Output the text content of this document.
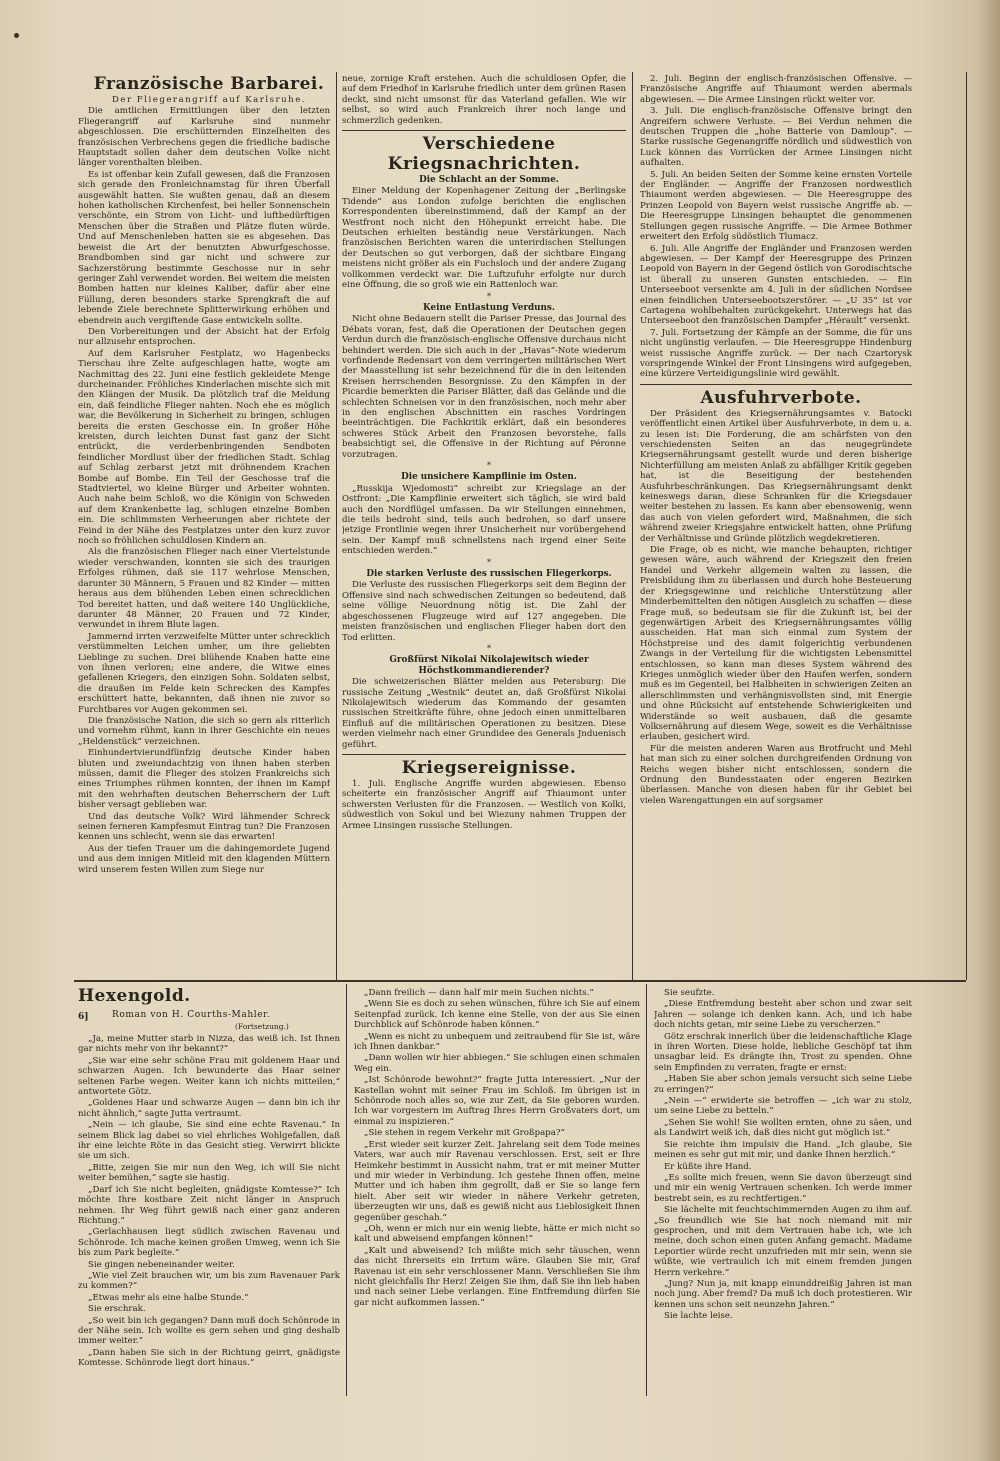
Französische Barbarei.

Der Fliegerangriff auf Karlsruhe.

Die amtlichen Ermittlungen über den letzten Fliegerangriff auf Karlsruhe sind nunmehr abgeschlossen. Die erschütternden Einzelheiten des französischen Verbrechens gegen die friedliche badische Hauptstadt sollen daher dem deutschen Volke nicht länger vorenthalten bleiben.

Es ist offenbar kein Zufall gewesen, daß die Franzosen sich gerade den Fronleichnamstag für ihren Überfall ausgewählt hatten. Sie wußten genau, daß an diesem hohen katholischen Kirchenfest, bei heller Sonnenschein verschönte, ein Strom von Licht- und luftbedürftigen Menschen über die Straßen und Plätze fluten würde. Und auf Menschenleben hatten sie es abgesehen. Das beweist die Art der benutzten Abwurfgeschosse. Brandbomben sind gar nicht und schwere zur Sachzerstörung bestimmte Geschosse nur in sehr geringer Zahl verwendet worden. Bei weitem die meisten Bomben hatten nur kleines Kaliber, dafür aber eine Füllung, deren besonders starke Sprengkraft die auf lebende Ziele berechnete Splitterwirkung erhöhen und ebendrein auch vergiftende Gase entwickeln sollte.

Den Vorbereitungen und der Absicht hat der Erfolg nur allzusehr entsprochen.

Auf dem Karlsruher Festplatz, wo Hagenbecks Tierschau ihre Zelte aufgeschlagen hatte, wogte am Nachmittag des 22. Juni eine festlich gekleidete Menge durcheinander. Fröhliches Kinderlachen mischte sich mit den Klängen der Musik. Da plötzlich traf die Meldung ein, daß feindliche Flieger nahten. Noch ehe es möglich war, die Bevölkerung in Sicherheit zu bringen, schlugen bereits die ersten Geschosse ein. In großer Höhe kreisten, durch leichten Dunst fast ganz der Sicht entrückt, die verderbenbringenden Sendboten feindlicher Mordlust über der friedlichen Stadt. Schlag auf Schlag zerbarst jetzt mit dröhnendem Krachen Bombe auf Bombe. Ein Teil der Geschosse traf die Stadtviertel, wo kleine Bürger und Arbeiter wohnten. Auch nahe beim Schloß, wo die Königin von Schweden auf dem Krankenbette lag, schlugen einzelne Bomben ein. Die schlimmsten Verheerungen aber richtete der Feind in der Nähe des Festplatzes unter den kurz zuvor noch so fröhlichen schuldlosen Kindern an.

Als die französischen Flieger nach einer Viertelstunde wieder verschwanden, konnten sie sich des traurigen Erfolges rühmen, daß sie 117 wehrlose Menschen, darunter 30 Männern, 5 Frauen und 82 Kinder — mitten heraus aus dem blühenden Leben einen schrecklichen Tod bereitet hatten, und daß weitere 140 Unglückliche, darunter 48 Männer, 20 Frauen und 72 Kinder, verwundet in ihrem Blute lagen.

Jammernd irrten verzweifelte Mütter unter schrecklich verstümmelten Leichen umher, um ihre geliebten Lieblinge zu suchen. Drei blühende Knaben hatte eine von ihnen verloren; eine andere, die Witwe eines gefallenen Kriegers, den einzigen Sohn. Soldaten selbst, die draußen im Felde kein Schrecken des Kampfes erschüttert hatte, bekannten, daß ihnen nie zuvor so Furchtbares vor Augen gekommen sei.

Die französische Nation, die sich so gern als ritterlich und vornehm rühmt, kann in ihrer Geschichte ein neues „Heldenstück“ verzeichnen.

Einhundertvierundfünfzig deutsche Kinder haben bluten und zweiundachtzig von ihnen haben sterben müssen, damit die Flieger des stolzen Frankreichs sich eines Triumphes rühmen konnten, der ihnen im Kampf mit den wehrhaften deutschen Beherrschern der Luft bisher versagt geblieben war.

Und das deutsche Volk? Wird lähmender Schreck seinen ferneren Kampfesmut Eintrag tun? Die Franzosen kennen uns schlecht, wenn sie das erwarten!

Aus der tiefen Trauer um die dahingemordete Jugend und aus dem innigen Mitleid mit den klagenden Müttern wird unserem festen Willen zum Siege nur

neue, zornige Kraft erstehen. Auch die schuldlosen Opfer, die auf dem Friedhof in Karlsruhe friedlich unter dem grünen Rasen deckt, sind nicht umsonst für das Vaterland gefallen. Wie wir selbst, so wird auch Frankreich ihrer noch lange und schmerzlich gedenken.

Verschiedene Kriegsnachrichten.

Die Schlacht an der Somme.

Einer Meldung der Kopenhagener Zeitung der „Berlingske Tidende“ aus London zufolge berichten die englischen Korrespondenten übereinstimmend, daß der Kampf an der Westfront noch nicht den Höhepunkt erreicht habe. Die Deutschen erhielten beständig neue Verstärkungen. Nach französischen Berichten waren die unterirdischen Stellungen der Deutschen so gut verborgen, daß der sichtbare Eingang meistens nicht größer als ein Fuchsloch und der andere Zugang vollkommen verdeckt war. Die Luftzufuhr erfolgte nur durch eine Öffnung, die so groß wie ein Rattenloch war.

*

Keine Entlastung Verduns.

Nicht ohne Bedauern stellt die Pariser Presse, das Journal des Débats voran, fest, daß die Operationen der Deutschen gegen Verdun durch die französisch-englische Offensive durchaus nicht behindert werden. Die sich auch in der „Havas“-Note wiederum vorfindende Redensart von dem verringerten militärischen Wert der Maasstellung ist sehr bezeichnend für die in den leitenden Kreisen herrschenden Besorgnisse. Zu den Kämpfen in der Picardie bemerkten die Pariser Blätter, daß das Gelände und die schlechten Schneisen vor in den französischen, noch mehr aber in den englischen Abschnitten ein rasches Vordringen beeinträchtigen. Die Fachkritik erklärt, daß ein besonderes schweres Stück Arbeit den Franzosen bevorstehe, falls beabsichtigt sei, die Offensive in der Richtung auf Péronne vorzutragen.

*

Die unsichere Kampflinie im Osten.

„Russkija Wjedomosti“ schreibt zur Kriegslage an der Ostfront: „Die Kampflinie erweitert sich täglich, sie wird bald auch den Nordflügel umfassen. Da wir Stellungen einnehmen, die teils bedroht sind, teils auch bedrohen, so darf unsere jetzige Frontlinie wegen ihrer Unsicherheit nur vorübergehend sein. Der Kampf muß schnellstens nach irgend einer Seite entschieden werden.“

*

Die starken Verluste des russischen Fliegerkorps.

Die Verluste des russischen Fliegerkorps seit dem Beginn der Offensive sind nach schwedischen Zeitungen so bedeutend, daß seine völlige Neuordnung nötig ist. Die Zahl der abgeschossenen Flugzeuge wird auf 127 angegeben. Die meisten französischen und englischen Flieger haben dort den Tod erlitten.

*

Großfürst Nikolai Nikolajewitsch wieder Höchstkommandierender?

Die schweizerischen Blätter melden aus Petersburg: Die russische Zeitung „Westnik“ deutet an, daß Großfürst Nikolai Nikolajewitsch wiederum das Kommando der gesamten russischen Streitkräfte führe, ohne jedoch einen unmittelbaren Einfluß auf die militärischen Operationen zu besitzen. Diese werden vielmehr nach einer Grundidee des Generals Jnduenisch geführt.

Kriegsereignisse.

1. Juli. Englische Angriffe wurden abgewiesen. Ebenso scheiterte ein französischer Angriff auf Thiaumont unter schwersten Verlusten für die Franzosen. — Westlich von Kolki, südwestlich von Sokul und bei Wiezuny nahmen Truppen der Armee Linsingen russische Stellungen.

2. Juli. Beginn der englisch-französischen Offensive. — Französische Angriffe auf Thiaumont werden abermals abgewiesen. — Die Armee Linsingen rückt weiter vor.

3. Juli. Die englisch-französische Offensive bringt den Angreifern schwere Verluste. — Bei Verdun nehmen die deutschen Truppen die „hohe Batterie von Damloup“. — Starke russische Gegenangriffe nördlich und südwestlich von Luck können das Vorrücken der Armee Linsingen nicht aufhalten.

5. Juli. An beiden Seiten der Somme keine ernsten Vorteile der Engländer. — Angriffe der Franzosen nordwestlich Thiaumont werden abgewiesen. — Die Heeresgruppe des Prinzen Leopold von Bayern weist russische Angriffe ab. — Die Heeresgruppe Linsingen behauptet die genommenen Stellungen gegen russische Angriffe. — Die Armee Bothmer erweitert den Erfolg südöstlich Tlumacz.

6. Juli. Alle Angriffe der Engländer und Franzosen werden abgewiesen. — Der Kampf der Heeresgruppe des Prinzen Leopold von Bayern in der Gegend östlich von Gorodischtsche ist überall zu unseren Gunsten entschieden. — Ein Unterseeboot versenkte am 4. Juli in der südlichen Nordsee einen feindlichen Unterseebootszerstörer. — „U 35“ ist vor Cartagena wohlbehalten zurückgekehrt. Unterwegs hat das Unterseeboot den französischen Dampfer „Hérault“ versenkt.

7. Juli. Fortsetzung der Kämpfe an der Somme, die für uns nicht ungünstig verlaufen. — Die Heeresgruppe Hindenburg weist russische Angriffe zurück. — Der nach Czartorysk vorspringende Winkel der Front Linsingens wird aufgegeben, eine kürzere Verteidigungslinie wird gewählt.

Ausfuhrverbote.

Der Präsident des Kriegsernährungsamtes v. Batocki veröffentlicht einen Artikel über Ausfuhrverbote, in dem u. a. zu lesen ist: Die Forderung, die am schärfsten von den verschiedensten Seiten an das neugegründete Kriegsernährungsamt gestellt wurde und deren bisherige Nichterfüllung am meisten Anlaß zu abfälliger Kritik gegeben hat, ist die Beseitigung der bestehenden Ausfuhrbeschränkungen. Das Kriegsernährungsamt denkt keineswegs daran, diese Schranken für die Kriegsdauer weiter bestehen zu lassen. Es kann aber ebensowenig, wenn das auch von vielen gefordert wird, Maßnahmen, die sich während zweier Kriegsjahre entwickelt hatten, ohne Prüfung der Verhältnisse und Gründe plötzlich wegdekretieren.

Die Frage, ob es nicht, wie manche behaupten, richtiger gewesen wäre, auch während der Kriegszeit den freien Handel und Verkehr allgemein walten zu lassen, die Preisbildung ihm zu überlassen und durch hohe Besteuerung der Kriegsgewinne und reichliche Unterstützung aller Minderbemittelten den nötigen Ausgleich zu schaffen — diese Frage muß, so bedeutsam sie für die Zukunft ist, bei der gegenwärtigen Arbeit des Kriegsernährungsamtes völlig ausscheiden. Hat man sich einmal zum System der Höchstpreise und des damit folgerichtig verbundenen Zwangs in der Verteilung für die wichtigsten Lebensmittel entschlossen, so kann man dieses System während des Krieges unmöglich wieder über den Haufen werfen, sondern muß es im Gegenteil, bei Halbheiten in schwierigen Zeiten an allerschlimmsten und verhängnisvollsten sind, mit Energie und ohne Rücksicht auf entstehende Schwierigkeiten und Widerstände so weit ausbauen, daß die gesamte Volksernährung auf diesem Wege, soweit es die Verhältnisse erlauben, gesichert wird.

Für die meisten anderen Waren aus Brotfrucht und Mehl hat man sich zu einer solchen durchgreifenden Ordnung von Reichs wegen bisher nicht entschlossen, sondern die Ordnung den Bundesstaaten oder engeren Bezirken überlassen. Manche von diesen haben für ihr Gebiet bei vielen Warengattungen ein auf sorgsamer

Hexengold.
6]	Roman von H. Courths-Mahler.
(Fortsetzung.)

„Ja, meine Mutter starb in Nizza, das weiß ich. Ist Ihnen gar nichts mehr von ihr bekannt?“

„Sie war eine sehr schöne Frau mit goldenem Haar und schwarzen Augen. Ich bewunderte das Haar seiner seltenen Farbe wegen. Weiter kann ich nichts mitteilen,“ antwortete Götz.

„Goldenes Haar und schwarze Augen — dann bin ich ihr nicht ähnlich,“ sagte Jutta vertraumt.

„Nein — ich glaube, Sie sind eine echte Ravenau.“ In seinem Blick lag dabei so viel ehrliches Wohlgefallen, daß ihr eine leichte Röte in das Gesicht stieg. Verwirrt blickte sie um sich.

„Bitte, zeigen Sie mir nun den Weg, ich will Sie nicht weiter bemühen,“ sagte sie hastig.

„Darf ich Sie nicht begleiten, gnädigste Komtesse?“ Ich möchte Ihre kostbare Zeit nicht länger in Anspruch nehmen. Ihr Weg führt gewiß nach einer ganz anderen Richtung.“

„Gerlachhausen liegt südlich zwischen Ravenau und Schönrode. Ich mache keinen großen Umweg, wenn ich Sie bis zum Park begleite.“

Sie gingen nebeneinander weiter.

„Wie viel Zeit brauchen wir, um bis zum Ravenauer Park zu kommen?“

„Etwas mehr als eine halbe Stunde.“

Sie erschrak.

„So weit bin ich gegangen? Dann muß doch Schönrode in der Nähe sein. Ich wollte es gern sehen und ging deshalb immer weiter.“

„Dann haben Sie sich in der Richtung geirrt, gnädigste Komtesse. Schönrode liegt dort hinaus.“

„Dann freilich — dann half mir mein Suchen nichts.“

„Wenn Sie es doch zu sehen wünschen, führe ich Sie auf einem Seitenpfad zurück. Ich kenne eine Stelle, von der aus Sie einen Durchblick auf Schönrode haben können.“

„Wenn es nicht zu unbequem und zeitraubend für Sie ist, wäre ich Ihnen dankbar.“

„Dann wollen wir hier abbiegen.“ Sie schlugen einen schmalen Weg ein.

„Ist Schönrode bewohnt?“ fragte Jutta interessiert. „Nur der Kastellan wohnt mit seiner Frau im Schloß. Im übrigen ist in Schönrode noch alles so, wie zur Zeit, da Sie geboren wurden. Ich war vorgestern im Auftrag Ihres Herrn Großvaters dort, um einmal zu inspizieren.“

„Sie stehen in regem Verkehr mit Großpapa?“

„Erst wieder seit kurzer Zeit. Jahrelang seit dem Tode meines Vaters, war auch mir Ravenau verschlossen. Erst, seit er Ihre Heimkehr bestimmt in Aussicht nahm, trat er mit meiner Mutter und mir wieder in Verbindung. Ich gestehe Ihnen offen, meine Mutter und ich haben ihm gegrollt, daß er Sie so lange fern hielt. Aber seit wir wieder in nähere Verkehr getreten, überzeugten wir uns, daß es gewiß nicht aus Lieblosigkeit Ihnen gegenüber geschah.“

„Oh, wenn er mich nur ein wenig liebte, hätte er mich nicht so kalt und abweisend empfangen können!“

„Kalt und abweisend? Ich müßte mich sehr täuschen, wenn das nicht Ihrerseits ein Irrtum wäre. Glauben Sie mir, Graf Ravenau ist ein sehr verschlossener Mann. Verschließen Sie ihm nicht gleichfalls Ihr Herz! Zeigen Sie ihm, daß Sie ihn lieb haben und nach seiner Liebe verlangen. Eine Entfremdung dürfen Sie gar nicht aufkommen lassen.“

Sie seufzte.

„Diese Entfremdung besteht aber schon und zwar seit Jahren — solange ich denken kann. Ach, und ich habe doch nichts getan, mir seine Liebe zu verscherzen.“

Götz erschrak innerlich über die leidenschaftliche Klage in ihren Worten. Diese holde, liebliche Geschöpf tat ihm unsagbar leid. Es drängte ihn, Trost zu spenden. Ohne sein Empfinden zu verraten, fragte er ernst:

„Haben Sie aber schon jemals versucht sich seine Liebe zu erringen?“

„Nein —“ erwiderte sie betroffen — „ich war zu stolz, um seine Liebe zu betteln.“

„Sehen Sie wohl! Sie wollten ernten, ohne zu säen, und als Landwirt weiß ich, daß dies nicht gut möglich ist.“

Sie reichte ihm impulsiv die Hand. „Ich glaube, Sie meinen es sehr gut mit mir, und danke Ihnen herzlich.“

Er küßte ihre Hand.

„Es sollte mich freuen, wenn Sie davon überzeugt sind und mir ein wenig Vertrauen schenken. Ich werde immer bestrebt sein, es zu rechtfertigen.“

Sie lächelte mit feuchtschimmernden Augen zu ihm auf. „So freundlich wie Sie hat noch niemand mit mir gesprochen, und mit dem Vertrauen habe ich, wie ich meine, doch schon einen guten Anfang gemacht. Madame Leportier würde recht unzufrieden mit mir sein, wenn sie wüßte, wie vertraulich ich mit einem fremden jungen Herrn verkehre.“

„Jung? Nun ja, mit knapp einunddreißig Jahren ist man noch jung. Aber fremd? Da muß ich doch protestieren. Wir kennen uns schon seit neunzehn Jahren.“

Sie lachte leise.
